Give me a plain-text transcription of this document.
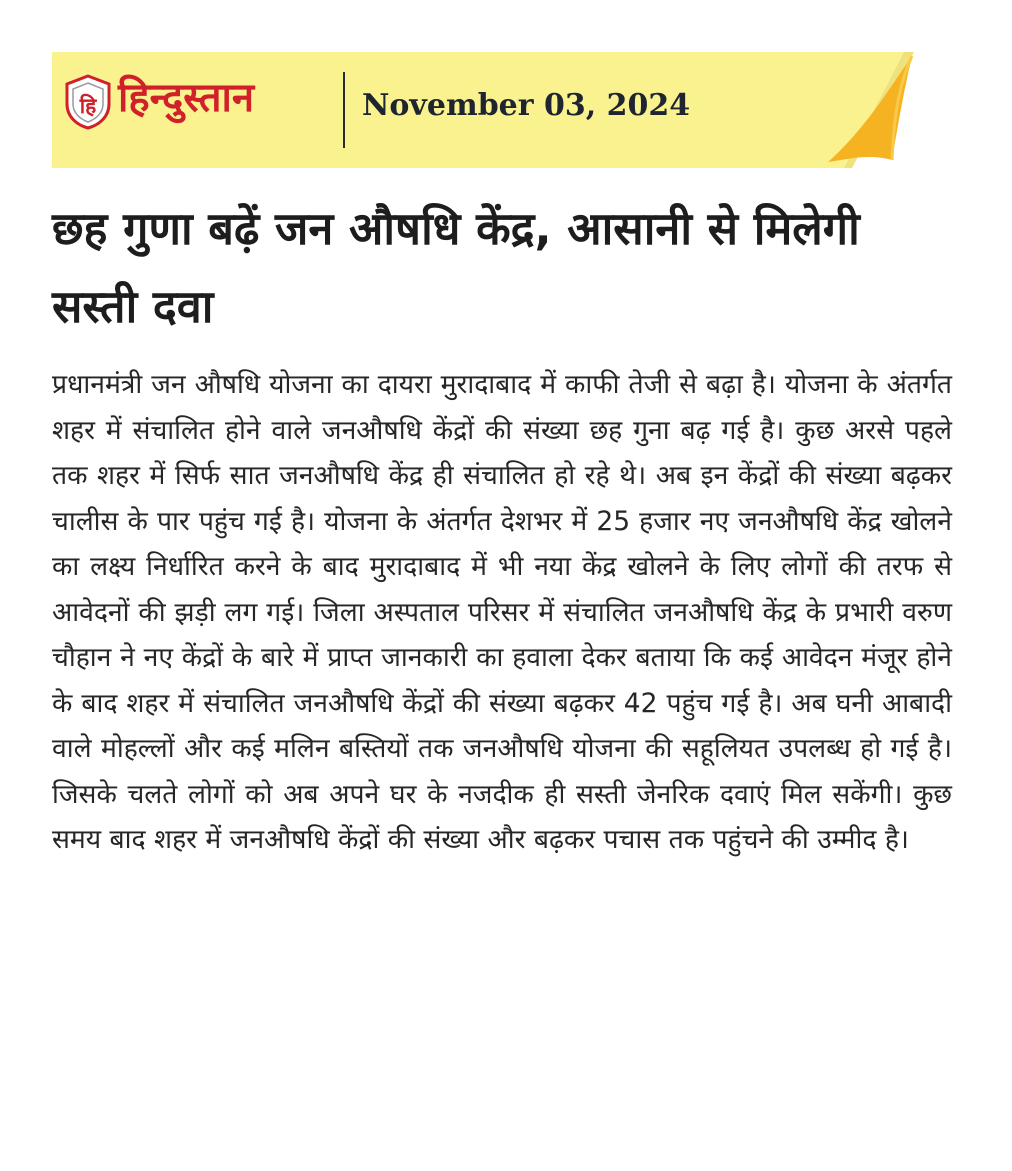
हि हिन्दुस्तान	November 03, 2024
छह गुणा बढ़ें जन औषधि केंद्र, आसानी से मिलेगी सस्ती दवा

प्रधानमंत्री जन औषधि योजना का दायरा मुरादाबाद में काफी तेजी से बढ़ा है। योजना के अंतर्गत शहर में संचालित होने वाले जनऔषधि केंद्रों की संख्या छह गुना बढ़ गई है। कुछ अरसे पहले तक शहर में सिर्फ सात जनऔषधि केंद्र ही संचालित हो रहे थे। अब इन केंद्रों की संख्या बढ़कर चालीस के पार पहुंच गई है। योजना के अंतर्गत देशभर में 25 हजार नए जनऔषधि केंद्र खोलने का लक्ष्य निर्धारित करने के बाद मुरादाबाद में भी नया केंद्र खोलने के लिए लोगों की तरफ से आवेदनों की झड़ी लग गई। जिला अस्पताल परिसर में संचालित जनऔषधि केंद्र के प्रभारी वरुण चौहान ने नए केंद्रों के बारे में प्राप्त जानकारी का हवाला देकर बताया कि कई आवेदन मंजूर होने के बाद शहर में संचालित जनऔषधि केंद्रों की संख्या बढ़कर 42 पहुंच गई है। अब घनी आबादी वाले मोहल्लों और कई मलिन बस्तियों तक जनऔषधि योजना की सहूलियत उपलब्ध हो गई है। जिसके चलते लोगों को अब अपने घर के नजदीक ही सस्ती जेनरिक दवाएं मिल सकेंगी। कुछ समय बाद शहर में जनऔषधि केंद्रों की संख्या और बढ़कर पचास तक पहुंचने की उम्मीद है।
